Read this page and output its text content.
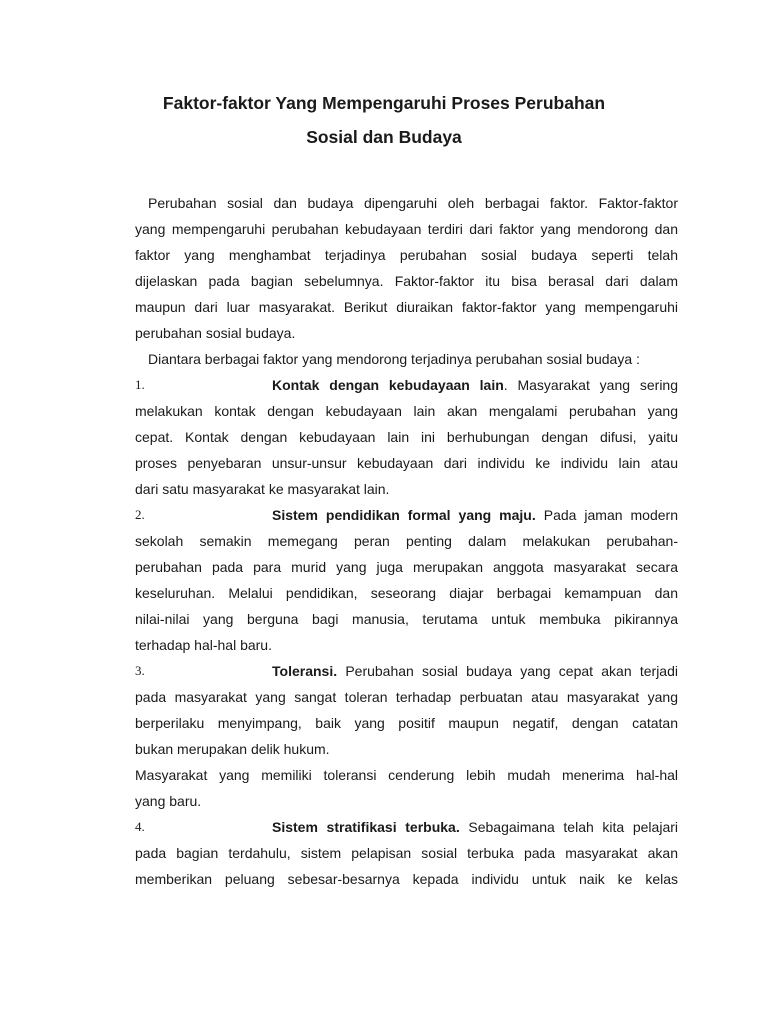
Faktor-faktor Yang Mempengaruhi Proses Perubahan
Sosial dan Budaya
Perubahan sosial dan budaya dipengaruhi oleh berbagai faktor. Faktor-faktor
yang mempengaruhi perubahan kebudayaan terdiri dari faktor yang mendorong dan
faktor yang menghambat terjadinya perubahan sosial budaya seperti telah
dijelaskan pada bagian sebelumnya. Faktor-faktor itu bisa berasal dari dalam
maupun dari luar masyarakat. Berikut diuraikan faktor-faktor yang mempengaruhi
perubahan sosial budaya.
Diantara berbagai faktor yang mendorong terjadinya perubahan sosial budaya :
1.	Kontak dengan kebudayaan lain. Masyarakat yang sering
melakukan kontak dengan kebudayaan lain akan mengalami perubahan yang
cepat. Kontak dengan kebudayaan lain ini berhubungan dengan difusi, yaitu
proses penyebaran unsur-unsur kebudayaan dari individu ke individu lain atau
dari satu masyarakat ke masyarakat lain.
2.	Sistem pendidikan formal yang maju. Pada jaman modern
sekolah semakin memegang peran penting dalam melakukan perubahan-
perubahan pada para murid yang juga merupakan anggota masyarakat secara
keseluruhan. Melalui pendidikan, seseorang diajar berbagai kemampuan dan
nilai-nilai yang berguna bagi manusia, terutama untuk membuka pikirannya
terhadap hal-hal baru.
3.	Toleransi. Perubahan sosial budaya yang cepat akan terjadi
pada masyarakat yang sangat toleran terhadap perbuatan atau masyarakat yang
berperilaku menyimpang, baik yang positif maupun negatif, dengan catatan
bukan merupakan delik hukum.
Masyarakat yang memiliki toleransi cenderung lebih mudah menerima hal-hal
yang baru.
4.	Sistem stratifikasi terbuka. Sebagaimana telah kita pelajari
pada bagian terdahulu, sistem pelapisan sosial terbuka pada masyarakat akan
memberikan peluang sebesar-besarnya kepada individu untuk naik ke kelas
